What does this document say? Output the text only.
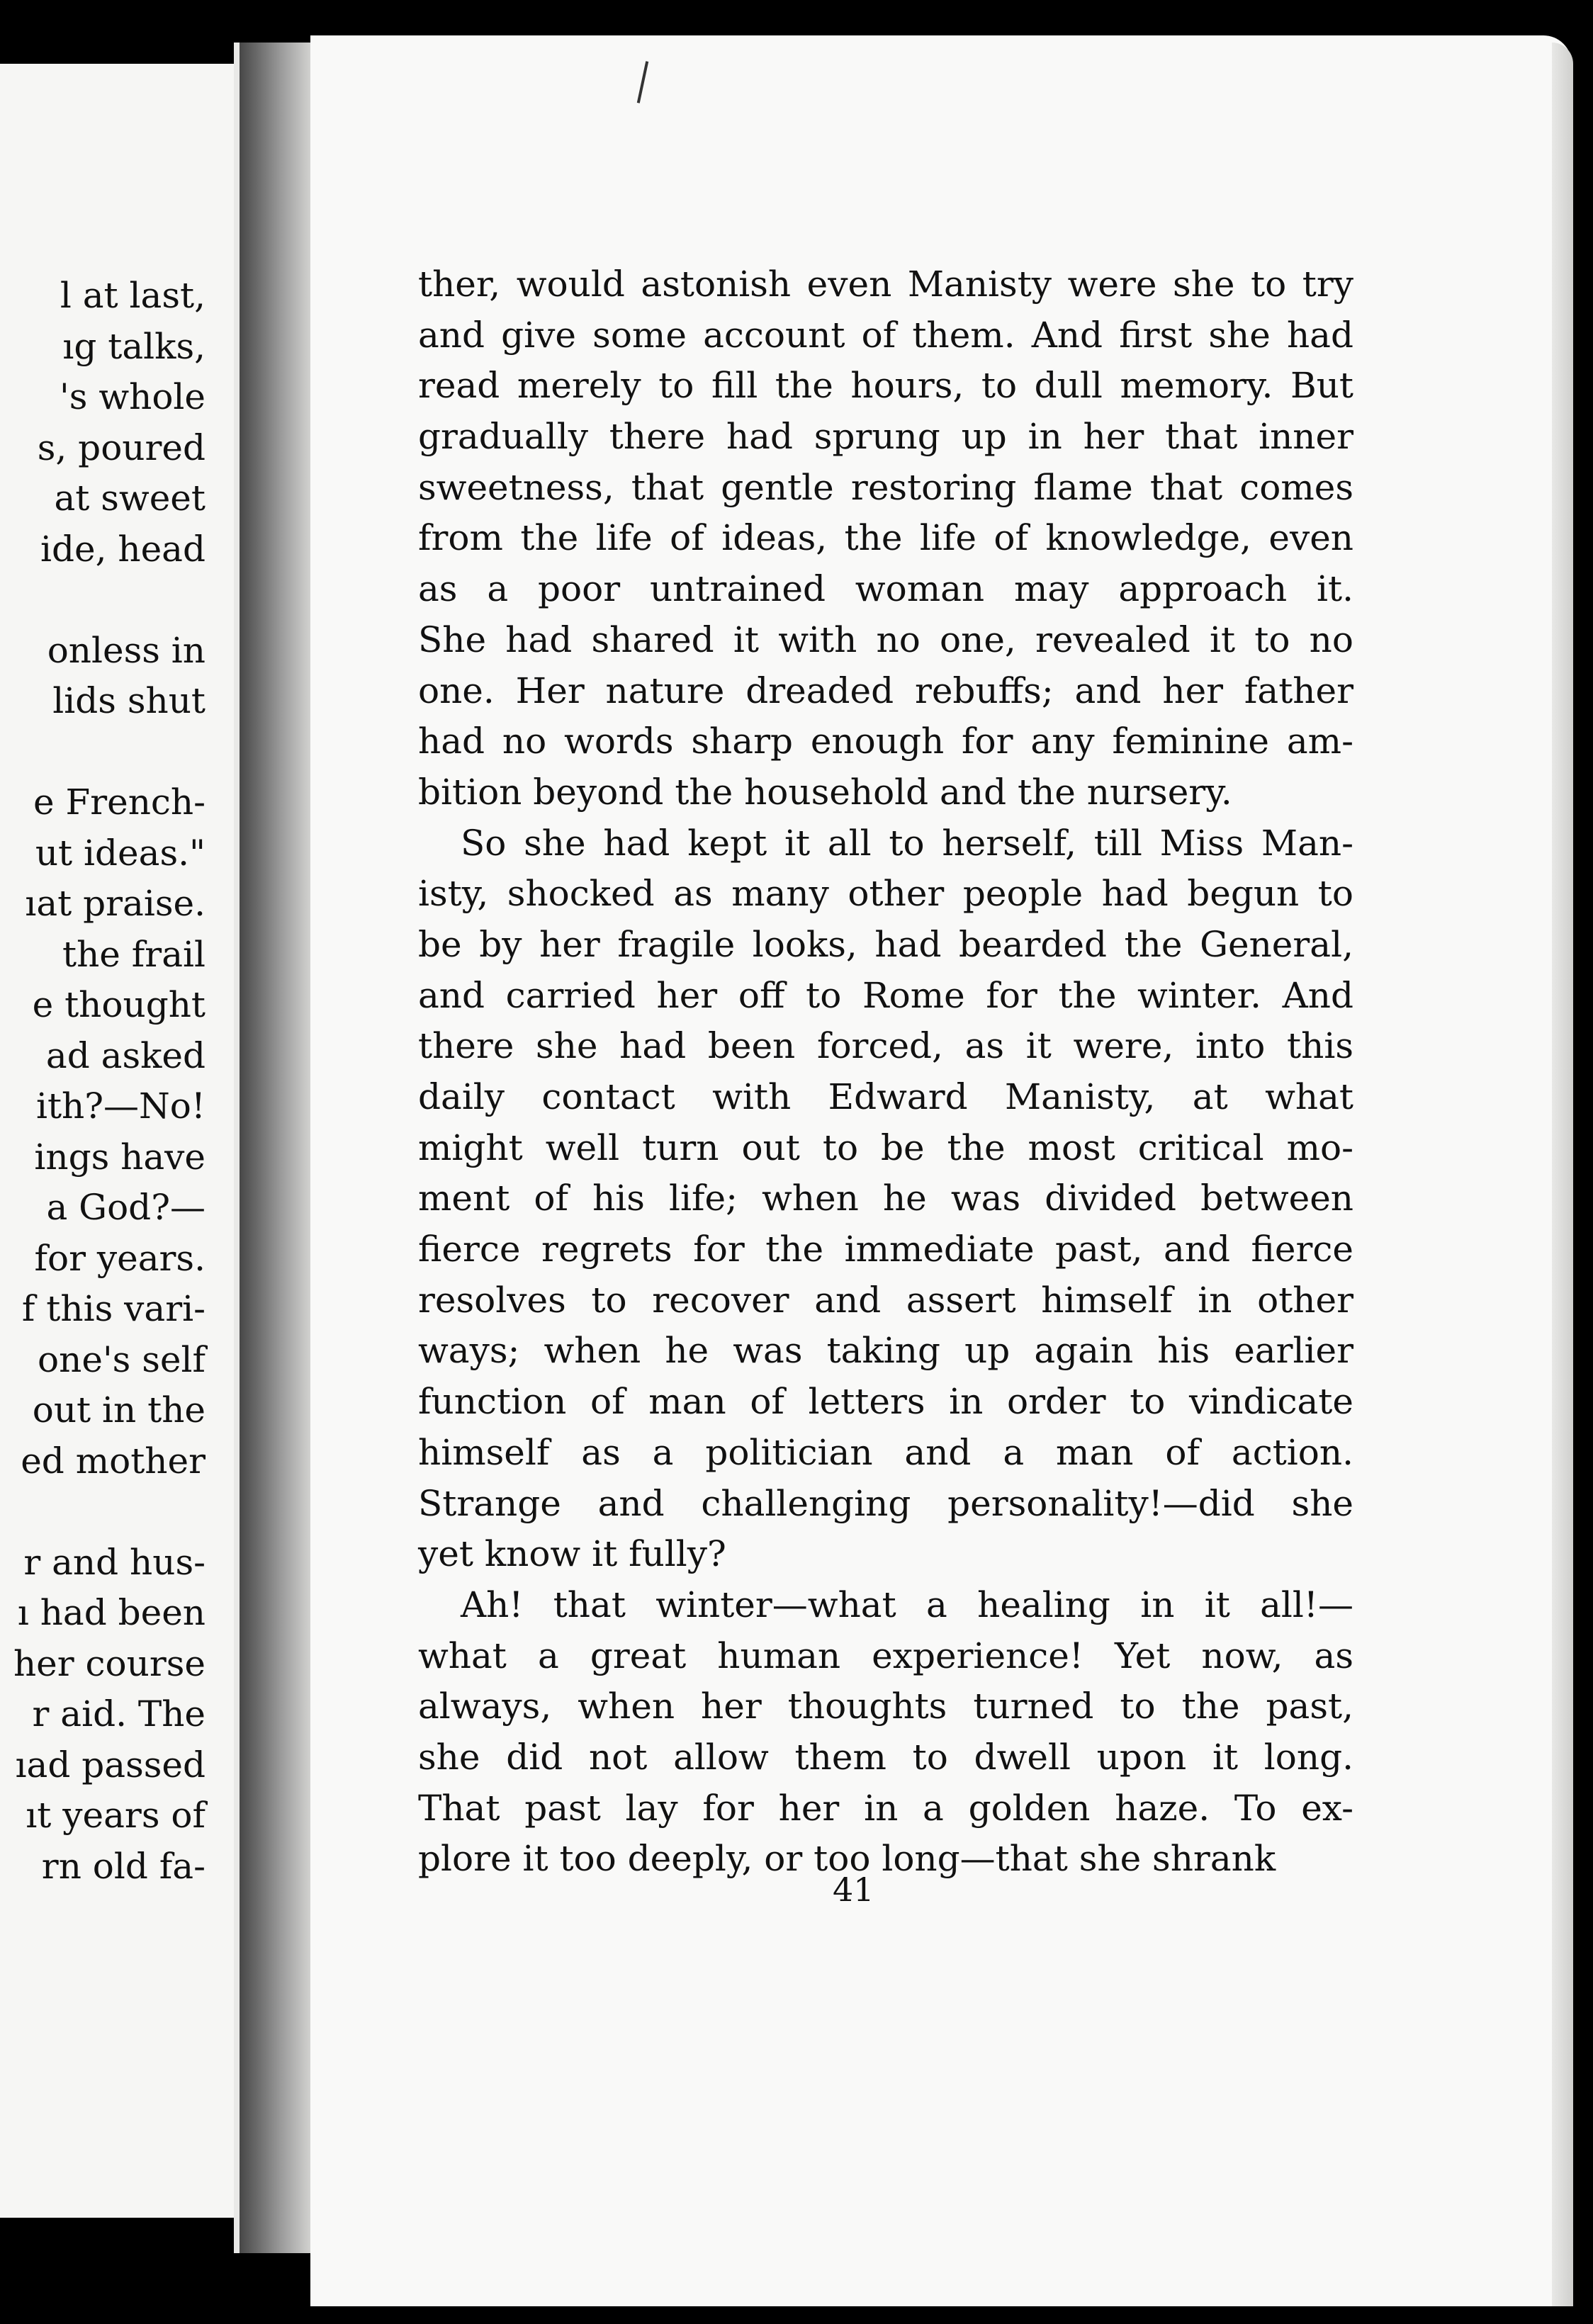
l at last,
ıg talks,
's whole
s, poured
at sweet
ide, head
onless in
lids shut
e French-
ut ideas."
ıat praise.
the frail
e thought
ad asked
ith?—No!
ings have
a God?—
for years.
f this vari-
one's self
out in the
ed mother
r and hus-
ı had been
her course
r aid. The
ıad passed
ıt years of
rn old fa-
ther, would astonish even Manisty were she to try
and give some account of them. And first she had
read merely to fill the hours, to dull memory. But
gradually there had sprung up in her that inner
sweetness, that gentle restoring flame that comes
from the life of ideas, the life of knowledge, even
as a poor untrained woman may approach it.
She had shared it with no one, revealed it to no
one. Her nature dreaded rebuffs; and her father
had no words sharp enough for any feminine am-
bition beyond the household and the nursery.
So she had kept it all to herself, till Miss Man-
isty, shocked as many other people had begun to
be by her fragile looks, had bearded the General,
and carried her off to Rome for the winter. And
there she had been forced, as it were, into this
daily contact with Edward Manisty, at what
might well turn out to be the most critical mo-
ment of his life; when he was divided between
fierce regrets for the immediate past, and fierce
resolves to recover and assert himself in other
ways; when he was taking up again his earlier
function of man of letters in order to vindicate
himself as a politician and a man of action.
Strange and challenging personality!—did she
yet know it fully?
Ah! that winter—what a healing in it all!—
what a great human experience! Yet now, as
always, when her thoughts turned to the past,
she did not allow them to dwell upon it long.
That past lay for her in a golden haze. To ex-
plore it too deeply, or too long—that she shrank
41
